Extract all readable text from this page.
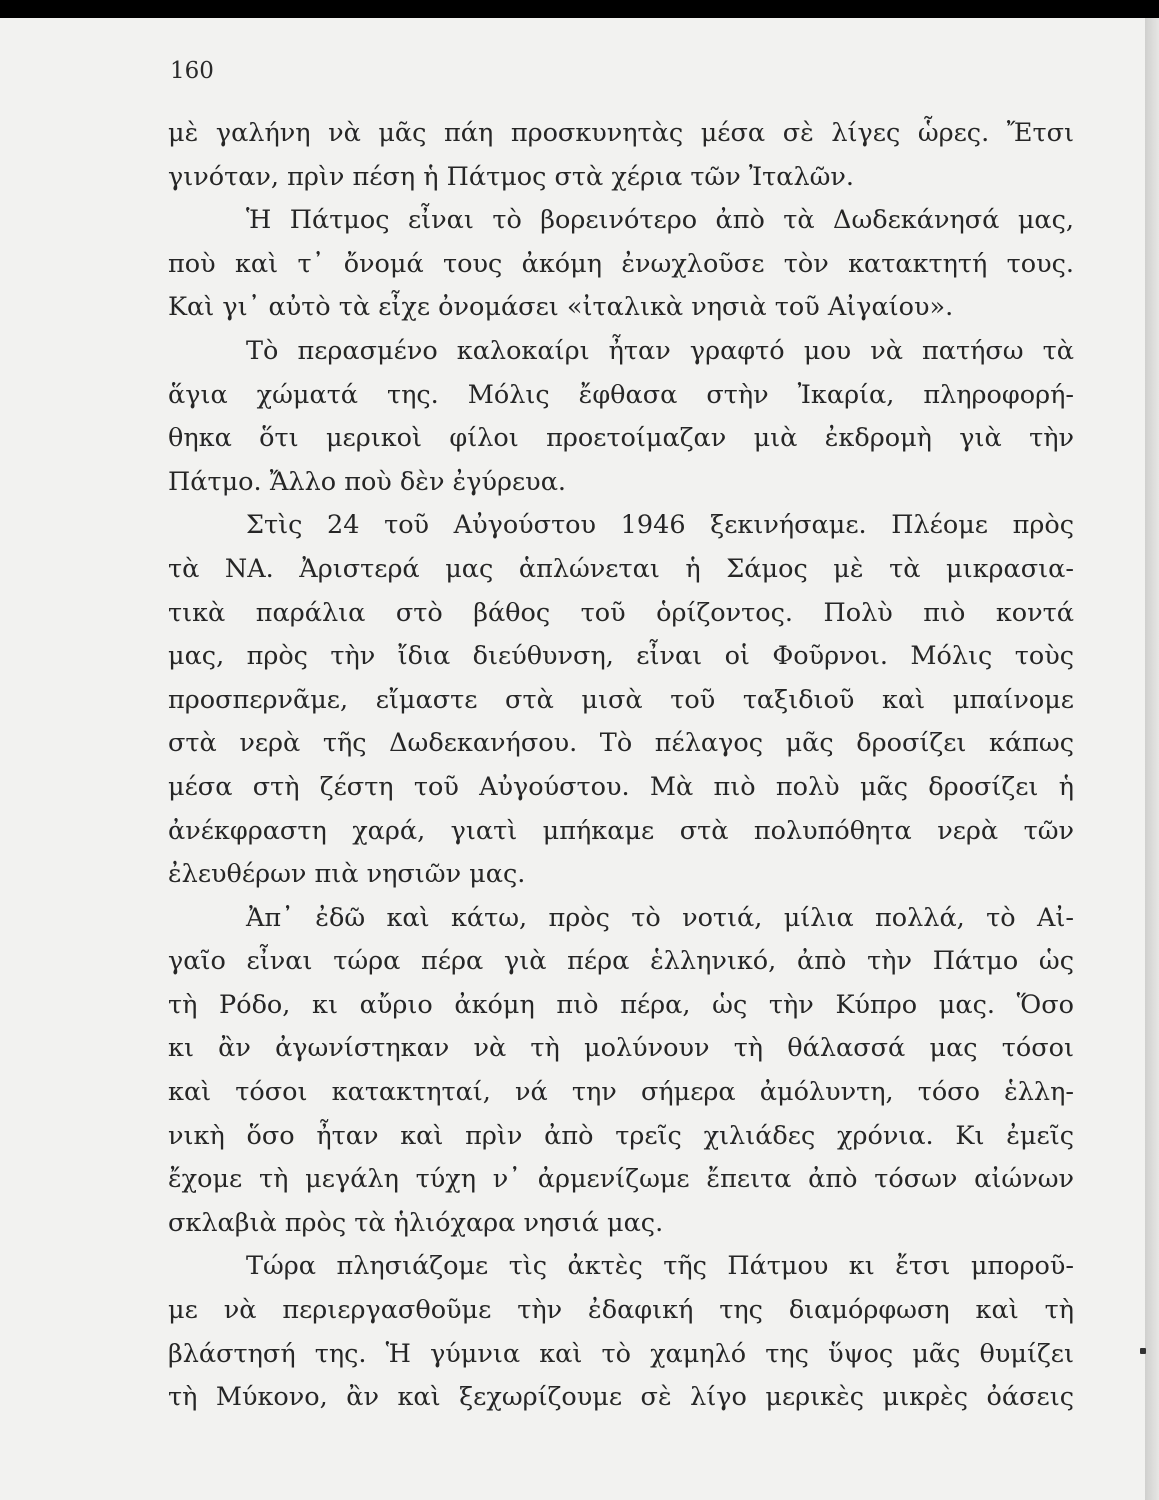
160

μὲ γαλήνη νὰ μᾶς πάη προσκυνητὰς μέσα σὲ λίγες ὧρες. Ἔτσι
γινόταν, πρὶν πέση ἡ Πάτμος στὰ χέρια τῶν Ἰταλῶν.

Ἡ Πάτμος εἶναι τὸ βορεινότερο ἀπὸ τὰ Δωδεκάνησά μας,
ποὺ καὶ τ᾿ ὄνομά τους ἀκόμη ἐνωχλοῦσε τὸν κατακτητή τους.
Καὶ γι᾿ αὐτὸ τὰ εἶχε ὀνομάσει «ἰταλικὰ νησιὰ τοῦ Αἰγαίου».

Τὸ περασμένο καλοκαίρι ἦταν γραφτό μου νὰ πατήσω τὰ
ἅγια χώματά της. Μόλις ἔφθασα στὴν Ἰκαρία, πληροφορή-
θηκα ὅτι μερικοὶ φίλοι προετοίμαζαν μιὰ ἐκδρομὴ γιὰ τὴν
Πάτμο. Ἄλλο ποὺ δὲν ἐγύρευα.

Στὶς 24 τοῦ Αὐγούστου 1946 ξεκινήσαμε. Πλέομε πρὸς
τὰ ΝΑ. Ἀριστερά μας ἁπλώνεται ἡ Σάμος μὲ τὰ μικρασια-
τικὰ παράλια στὸ βάθος τοῦ ὁρίζοντος. Πολὺ πιὸ κοντά
μας, πρὸς τὴν ἴδια διεύθυνση, εἶναι οἱ Φοῦρνοι. Μόλις τοὺς
προσπερνᾶμε, εἴμαστε στὰ μισὰ τοῦ ταξιδιοῦ καὶ μπαίνομε
στὰ νερὰ τῆς Δωδεκανήσου. Τὸ πέλαγος μᾶς δροσίζει κάπως
μέσα στὴ ζέστη τοῦ Αὐγούστου. Μὰ πιὸ πολὺ μᾶς δροσίζει ἡ
ἀνέκφραστη χαρά, γιατὶ μπήκαμε στὰ πολυπόθητα νερὰ τῶν
ἐλευθέρων πιὰ νησιῶν μας.

Ἀπ᾿ ἐδῶ καὶ κάτω, πρὸς τὸ νοτιά, μίλια πολλά, τὸ Αἰ-
γαῖο εἶναι τώρα πέρα γιὰ πέρα ἑλληνικό, ἀπὸ τὴν Πάτμο ὡς
τὴ Ρόδο, κι αὔριο ἀκόμη πιὸ πέρα, ὡς τὴν Κύπρο μας. Ὅσο
κι ἂν ἀγωνίστηκαν νὰ τὴ μολύνουν τὴ θάλασσά μας τόσοι
καὶ τόσοι κατακτηταί, νά την σήμερα ἀμόλυντη, τόσο ἑλλη-
νικὴ ὅσο ἦταν καὶ πρὶν ἀπὸ τρεῖς χιλιάδες χρόνια. Κι ἐμεῖς
ἔχομε τὴ μεγάλη τύχη ν᾿ ἀρμενίζωμε ἔπειτα ἀπὸ τόσων αἰώνων
σκλαβιὰ πρὸς τὰ ἡλιόχαρα νησιά μας.

Τώρα πλησιάζομε τὶς ἀκτὲς τῆς Πάτμου κι ἔτσι μποροῦ-
με νὰ περιεργασθοῦμε τὴν ἐδαφική της διαμόρφωση καὶ τὴ
βλάστησή της. Ἡ γύμνια καὶ τὸ χαμηλό της ὕψος μᾶς θυμίζει
τὴ Μύκονο, ἂν καὶ ξεχωρίζουμε σὲ λίγο μερικὲς μικρὲς ὀάσεις
